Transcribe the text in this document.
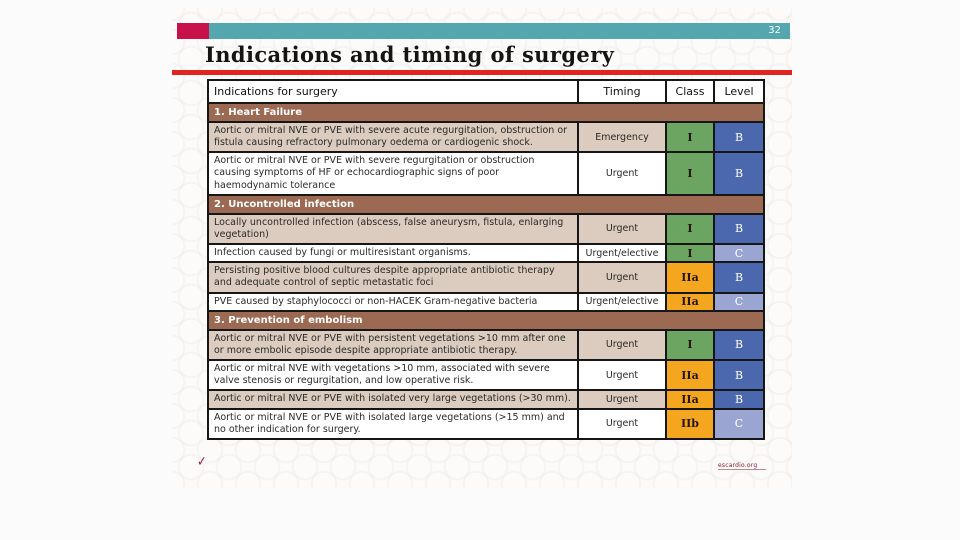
32
Indications and timing of surgery
Indications for surgery	Timing	Class	Level
1. Heart Failure			
Aortic or mitral NVE or PVE with severe acute regurgitation, obstruction or fistula causing refractory pulmonary oedema or cardiogenic shock.	Emergency	I	B
Aortic or mitral NVE or PVE with severe regurgitation or obstruction causing symptoms of HF or echocardiographic signs of poor haemodynamic tolerance	Urgent	I	B
2. Uncontrolled infection			
Locally uncontrolled infection (abscess, false aneurysm, fistula, enlarging vegetation)	Urgent	I	B
Infection caused by fungi or multiresistant organisms.	Urgent/elective	I	C
Persisting positive blood cultures despite appropriate antibiotic therapy and adequate control of septic metastatic foci	Urgent	IIa	B
PVE caused by staphylococci or non-HACEK Gram-negative bacteria	Urgent/elective	IIa	C
3. Prevention of embolism			
Aortic or mitral NVE or PVE with persistent vegetations >10 mm after one or more embolic episode despite appropriate antibiotic therapy.	Urgent	I	B
Aortic or mitral NVE with vegetations >10 mm, associated with severe valve stenosis or regurgitation, and low operative risk.	Urgent	IIa	B
Aortic or mitral NVE or PVE with isolated very large vegetations (>30 mm).	Urgent	IIa	B
Aortic or mitral NVE or PVE with isolated large vegetations (>15 mm) and no other indication for surgery.	Urgent	IIb	C
✓	escardio.org
